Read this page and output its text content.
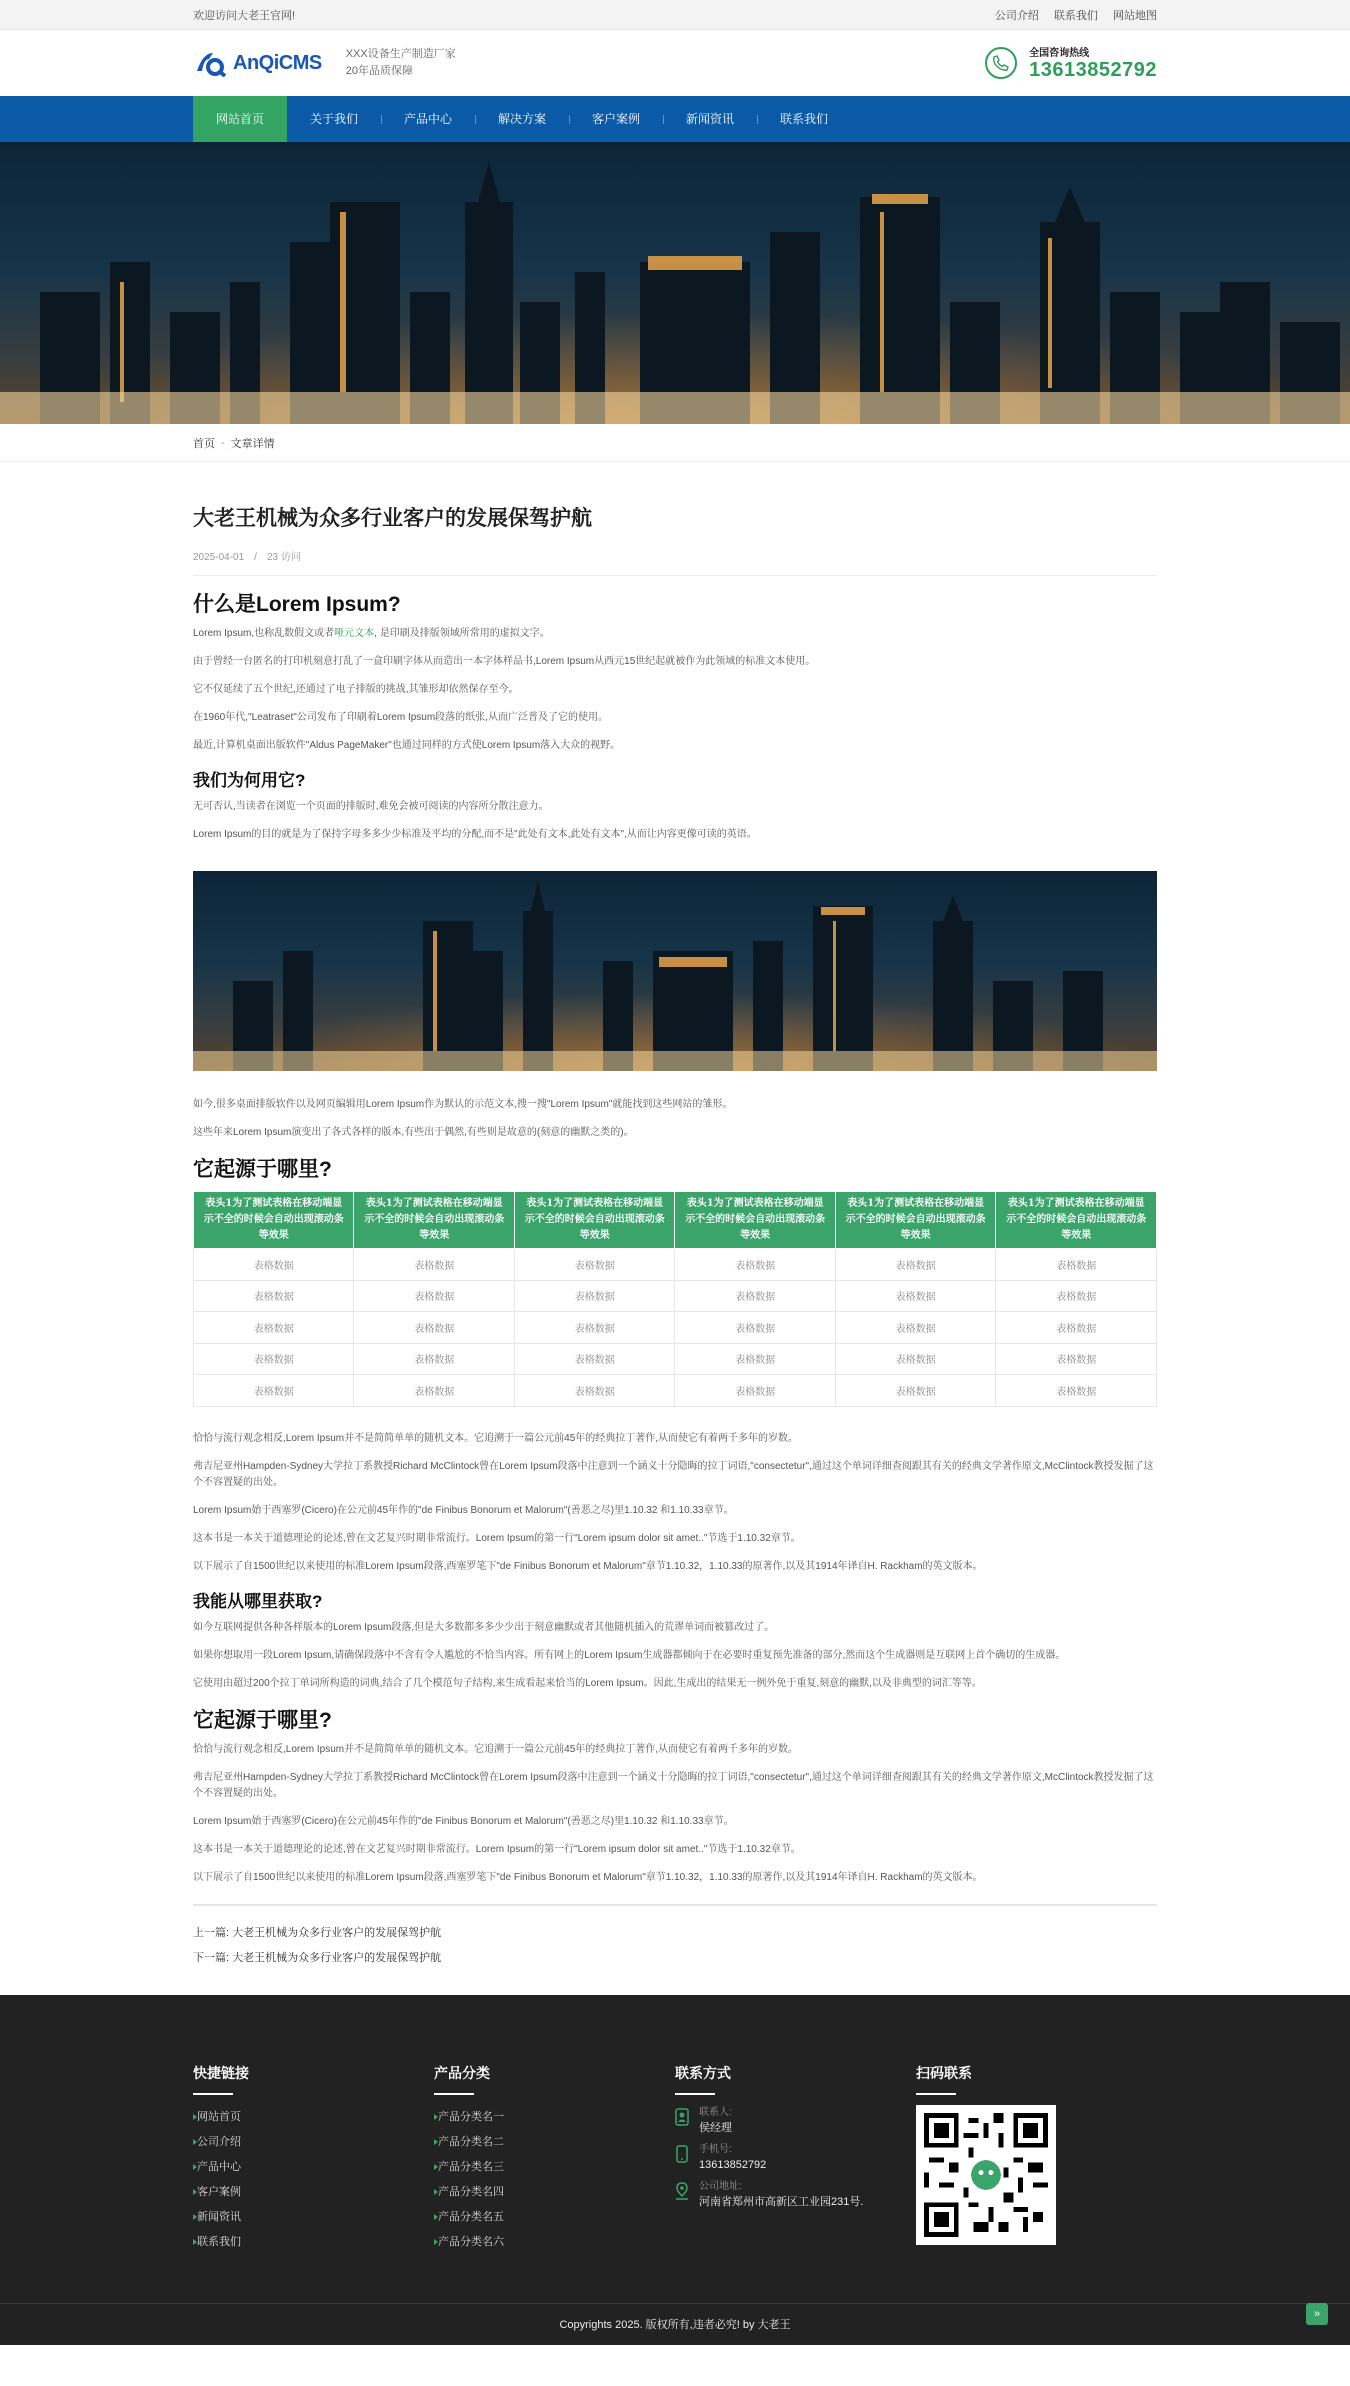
欢迎访问大老王官网!	公司介绍 联系我们 网站地图
AnQiCMS XXX设备生产制造厂家
20年品质保障
全国咨询热线
13613852792
网站首页	关于我们	产品中心	解决方案	客户案例	新闻资讯	联系我们
首页 - 文章详情
大老王机械为众多行业客户的发展保驾护航
2025-04-01 / 23 访问
什么是Lorem Ipsum?

Lorem Ipsum,也称乱数假文或者哑元文本, 是印刷及排版领域所常用的虚拟文字。

由于曾经一台匿名的打印机刻意打乱了一盒印刷字体从而造出一本字体样品书,Lorem Ipsum从西元15世纪起就被作为此领域的标准文本使用。

它不仅延续了五个世纪,还通过了电子排版的挑战,其雏形却依然保存至今。

在1960年代,"Leatraset"公司发布了印刷着Lorem Ipsum段落的纸张,从而广泛普及了它的使用。

最近,计算机桌面出版软件"Aldus PageMaker"也通过同样的方式使Lorem Ipsum落入大众的视野。

我们为何用它?

无可否认,当读者在浏览一个页面的排版时,难免会被可阅读的内容所分散注意力。

Lorem Ipsum的目的就是为了保持字母多多少少标准及平均的分配,而不是"此处有文本,此处有文本",从而让内容更像可读的英语。

如今,很多桌面排版软件以及网页编辑用Lorem Ipsum作为默认的示范文本,搜一搜"Lorem Ipsum"就能找到这些网站的雏形。

这些年来Lorem Ipsum演变出了各式各样的版本,有些出于偶然,有些则是故意的(刻意的幽默之类的)。

它起源于哪里?
表头1为了测试表格在移动端显示不全的时候会自动出现滚动条等效果	表头1为了测试表格在移动端显示不全的时候会自动出现滚动条等效果	表头1为了测试表格在移动端显示不全的时候会自动出现滚动条等效果	表头1为了测试表格在移动端显示不全的时候会自动出现滚动条等效果	表头1为了测试表格在移动端显示不全的时候会自动出现滚动条等效果	表头1为了测试表格在移动端显示不全的时候会自动出现滚动条等效果
表格数据	表格数据	表格数据	表格数据	表格数据	表格数据
表格数据	表格数据	表格数据	表格数据	表格数据	表格数据
表格数据	表格数据	表格数据	表格数据	表格数据	表格数据
表格数据	表格数据	表格数据	表格数据	表格数据	表格数据
表格数据	表格数据	表格数据	表格数据	表格数据	表格数据

恰恰与流行观念相反,Lorem Ipsum并不是简简单单的随机文本。它追溯于一篇公元前45年的经典拉丁著作,从而使它有着两千多年的岁数。

弗吉尼亚州Hampden-Sydney大学拉丁系教授Richard McClintock曾在Lorem Ipsum段落中注意到一个涵义十分隐晦的拉丁词语,"consectetur",通过这个单词详细查阅跟其有关的经典文学著作原文,McClintock教授发掘了这个不容置疑的出处。

Lorem Ipsum始于西塞罗(Cicero)在公元前45年作的"de Finibus Bonorum et Malorum"(善恶之尽)里1.10.32 和1.10.33章节。

这本书是一本关于道德理论的论述,曾在文艺复兴时期非常流行。Lorem Ipsum的第一行"Lorem ipsum dolor sit amet.."节选于1.10.32章节。

以下展示了自1500世纪以来使用的标准Lorem Ipsum段落,西塞罗笔下"de Finibus Bonorum et Malorum"章节1.10.32，1.10.33的原著作,以及其1914年译自H. Rackham的英文版本。

我能从哪里获取?

如今互联网提供各种各样版本的Lorem Ipsum段落,但是大多数都多多少少出于刻意幽默或者其他随机插入的荒谬单词而被篡改过了。

如果你想取用一段Lorem Ipsum,请确保段落中不含有令人尴尬的不恰当内容。所有网上的Lorem Ipsum生成器都倾向于在必要时重复预先准备的部分,然而这个生成器则是互联网上首个确切的生成器。

它使用由超过200个拉丁单词所构造的词典,结合了几个模范句子结构,来生成看起来恰当的Lorem Ipsum。因此,生成出的结果无一例外免于重复,刻意的幽默,以及非典型的词汇等等。

它起源于哪里?

恰恰与流行观念相反,Lorem Ipsum并不是简简单单的随机文本。它追溯于一篇公元前45年的经典拉丁著作,从而使它有着两千多年的岁数。

弗吉尼亚州Hampden-Sydney大学拉丁系教授Richard McClintock曾在Lorem Ipsum段落中注意到一个涵义十分隐晦的拉丁词语,"consectetur",通过这个单词详细查阅跟其有关的经典文学著作原文,McClintock教授发掘了这个不容置疑的出处。

Lorem Ipsum始于西塞罗(Cicero)在公元前45年作的"de Finibus Bonorum et Malorum"(善恶之尽)里1.10.32 和1.10.33章节。

这本书是一本关于道德理论的论述,曾在文艺复兴时期非常流行。Lorem Ipsum的第一行"Lorem ipsum dolor sit amet.."节选于1.10.32章节。

以下展示了自1500世纪以来使用的标准Lorem Ipsum段落,西塞罗笔下"de Finibus Bonorum et Malorum"章节1.10.32，1.10.33的原著作,以及其1914年译自H. Rackham的英文版本。

上一篇: 大老王机械为众多行业客户的发展保驾护航
下一篇: 大老王机械为众多行业客户的发展保驾护航
快捷链接
网站首页
公司介绍
产品中心
客户案例
新闻资讯
联系我们
产品分类
产品分类名一
产品分类名二
产品分类名三
产品分类名四
产品分类名五
产品分类名六
联系方式
联系人:
侯经理
手机号:
13613852792
公司地址:
河南省郑州市高新区工业园231号.
扫码联系
Copyrights 2025. 版权所有,违者必究! by 大老王
»
